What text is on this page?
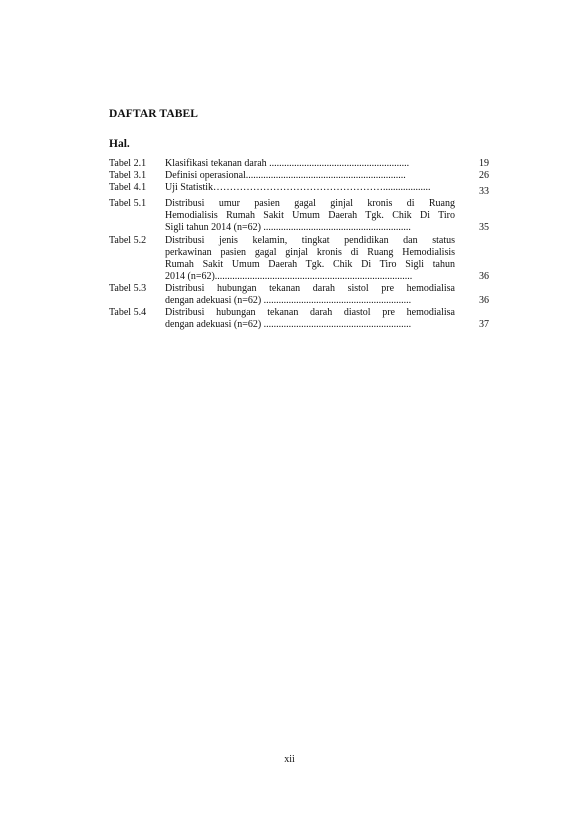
DAFTAR TABEL
Hal.
Tabel 2.1	Klasifikasi tekanan darah ........................................................	19
Tabel 3.1	Definisi operasional................................................................	26
Tabel 4.1	Uji Statistik……………………………………………...................	33
Tabel 5.1	Distribusi umur pasien gagal ginjal kronis di Ruang
Hemodialisis Rumah Sakit Umum Daerah Tgk. Chik Di Tiro
Sigli tahun 2014 (n=62) ...........................................................	35
Tabel 5.2	Distribusi jenis kelamin, tingkat pendidikan dan status
perkawinan pasien gagal ginjal kronis di Ruang Hemodialisis
Rumah Sakit Umum Daerah Tgk. Chik Di Tiro Sigli tahun
2014 (n=62)...............................................................................	36
Tabel 5.3	Distribusi hubungan tekanan darah sistol pre hemodialisa
dengan adekuasi (n=62) ...........................................................	36
Tabel 5.4	Distribusi hubungan tekanan darah diastol pre hemodialisa
dengan adekuasi (n=62) ...........................................................	37
xii
